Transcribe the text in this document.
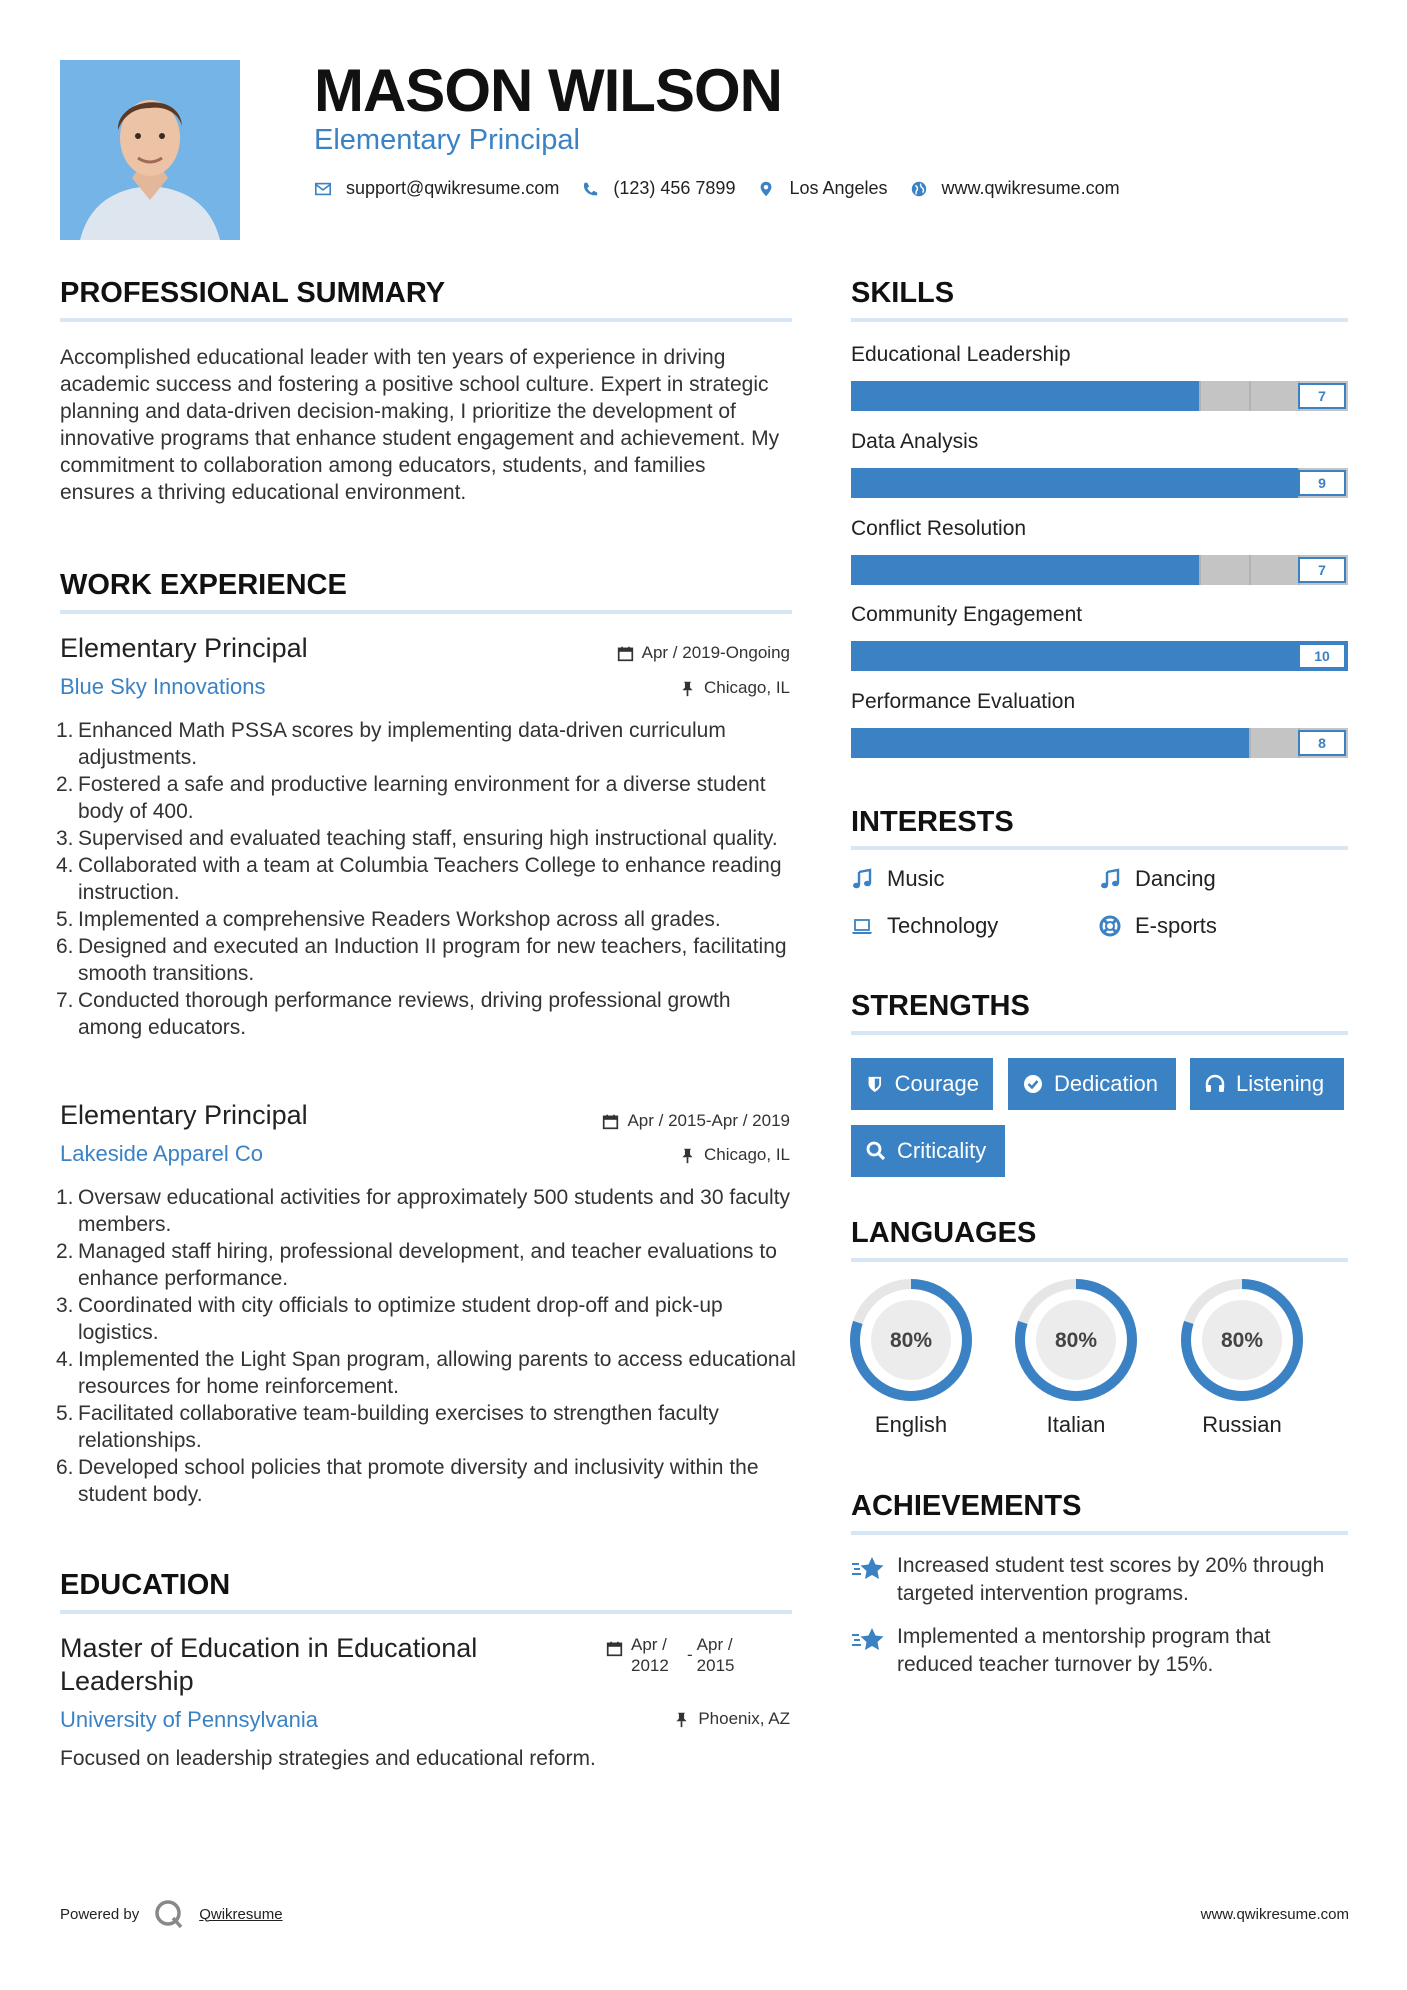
MASON WILSON
Elementary Principal
support@qwikresume.com	(123) 456 7899	Los Angeles	www.qwikresume.com
PROFESSIONAL SUMMARY
Accomplished educational leader with ten years of experience in driving academic success and fostering a positive school culture. Expert in strategic planning and data-driven decision-making, I prioritize the development of innovative programs that enhance student engagement and achievement. My commitment to collaboration among educators, students, and families ensures a thriving educational environment.
WORK EXPERIENCE
Elementary Principal
Blue Sky Innovations
Apr / 2019-Ongoing
Chicago, IL
1. Enhanced Math PSSA scores by implementing data-driven curriculum adjustments.
2. Fostered a safe and productive learning environment for a diverse student body of 400.
3. Supervised and evaluated teaching staff, ensuring high instructional quality.
4. Collaborated with a team at Columbia Teachers College to enhance reading instruction.
5. Implemented a comprehensive Readers Workshop across all grades.
6. Designed and executed an Induction II program for new teachers, facilitating smooth transitions.
7. Conducted thorough performance reviews, driving professional growth among educators.
Elementary Principal
Lakeside Apparel Co
Apr / 2015-Apr / 2019
Chicago, IL
1. Oversaw educational activities for approximately 500 students and 30 faculty members.
2. Managed staff hiring, professional development, and teacher evaluations to enhance performance.
3. Coordinated with city officials to optimize student drop-off and pick-up logistics.
4. Implemented the Light Span program, allowing parents to access educational resources for home reinforcement.
5. Facilitated collaborative team-building exercises to strengthen faculty relationships.
6. Developed school policies that promote diversity and inclusivity within the student body.
EDUCATION
Master of Education in Educational Leadership
Apr / 2012
-
Apr / 2015
University of Pennsylvania	Phoenix, AZ
Focused on leadership strategies and educational reform.
SKILLS
Educational Leadership
7
Data Analysis
9
Conflict Resolution
7
Community Engagement
10
Performance Evaluation
8
INTERESTS
Music	Dancing
Technology	E-sports
STRENGTHS
Courage	Dedication	Listening
Criticality
LANGUAGES
80%
English
80%
Italian
80%
Russian
ACHIEVEMENTS
Increased student test scores by 20% through targeted intervention programs.
Implemented a mentorship program that reduced teacher turnover by 15%.
Powered by	Qwikresume	www.qwikresume.com
